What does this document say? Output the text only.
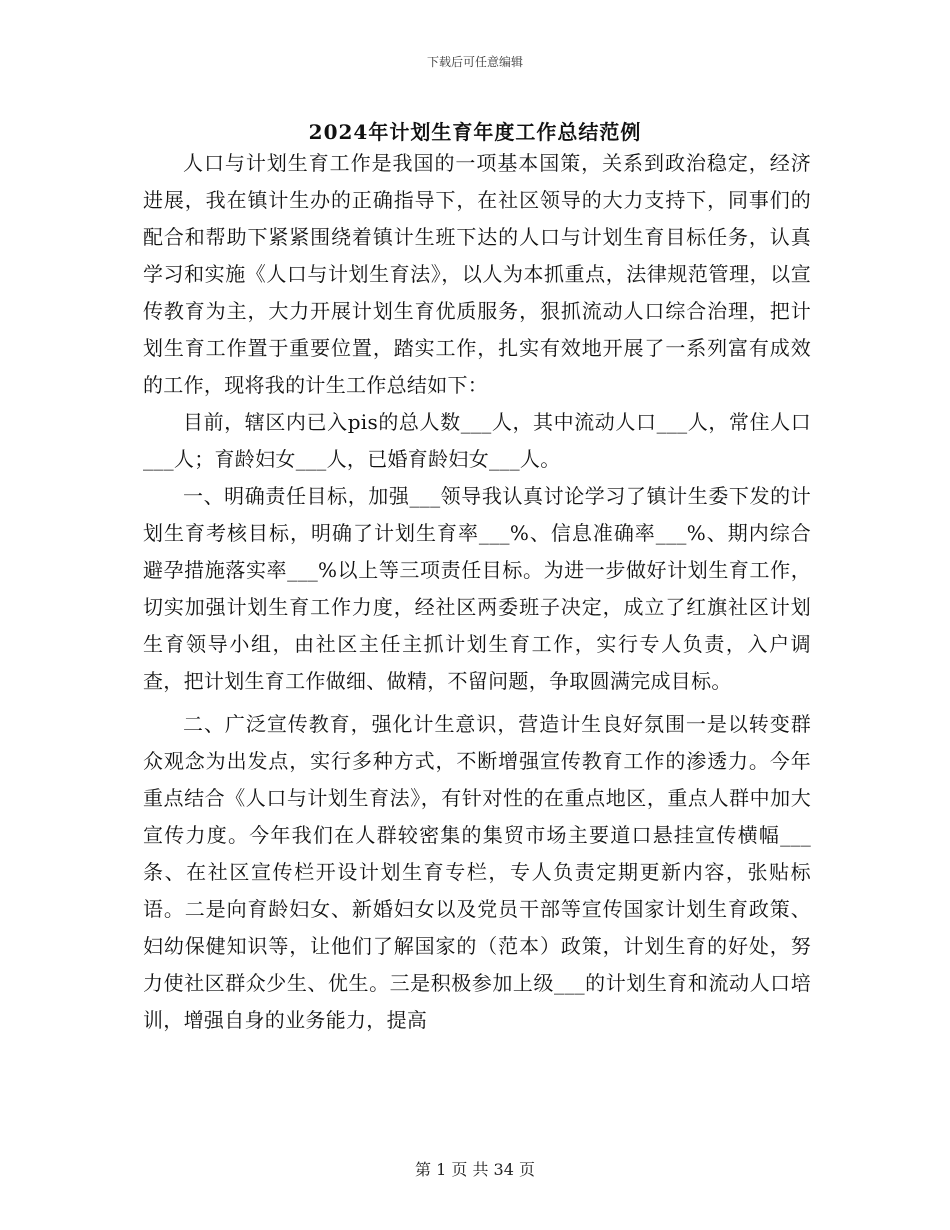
下载后可任意编辑
2024年计划生育年度工作总结范例

人口与计划生育工作是我国的一项基本国策，关系到政治稳定，经济进展，我在镇计生办的正确指导下，在社区领导的大力支持下，同事们的配合和帮助下紧紧围绕着镇计生班下达的人口与计划生育目标任务，认真学习和实施《人口与计划生育法》，以人为本抓重点，法律规范管理，以宣传教育为主，大力开展计划生育优质服务，狠抓流动人口综合治理，把计划生育工作置于重要位置，踏实工作，扎实有效地开展了一系列富有成效的工作，现将我的计生工作总结如下：

目前，辖区内已入pis的总人数___人，其中流动人口___人，常住人口___人；育龄妇女___人，已婚育龄妇女___人。

一、明确责任目标，加强___领导我认真讨论学习了镇计生委下发的计划生育考核目标，明确了计划生育率___%、信息准确率___%、期内综合避孕措施落实率___%以上等三项责任目标。为进一步做好计划生育工作，切实加强计划生育工作力度，经社区两委班子决定，成立了红旗社区计划生育领导小组，由社区主任主抓计划生育工作，实行专人负责，入户调查，把计划生育工作做细、做精，不留问题，争取圆满完成目标。

二、广泛宣传教育，强化计生意识，营造计生良好氛围一是以转变群众观念为出发点，实行多种方式，不断增强宣传教育工作的渗透力。今年重点结合《人口与计划生育法》，有针对性的在重点地区，重点人群中加大宣传力度。今年我们在人群较密集的集贸市场主要道口悬挂宣传横幅___条、在社区宣传栏开设计划生育专栏，专人负责定期更新内容，张贴标语。二是向育龄妇女、新婚妇女以及党员干部等宣传国家计划生育政策、妇幼保健知识等，让他们了解国家的（范本）政策，计划生育的好处，努力使社区群众少生、优生。三是积极参加上级___的计划生育和流动人口培训，增强自身的业务能力，提高

第 1 页 共 34 页
